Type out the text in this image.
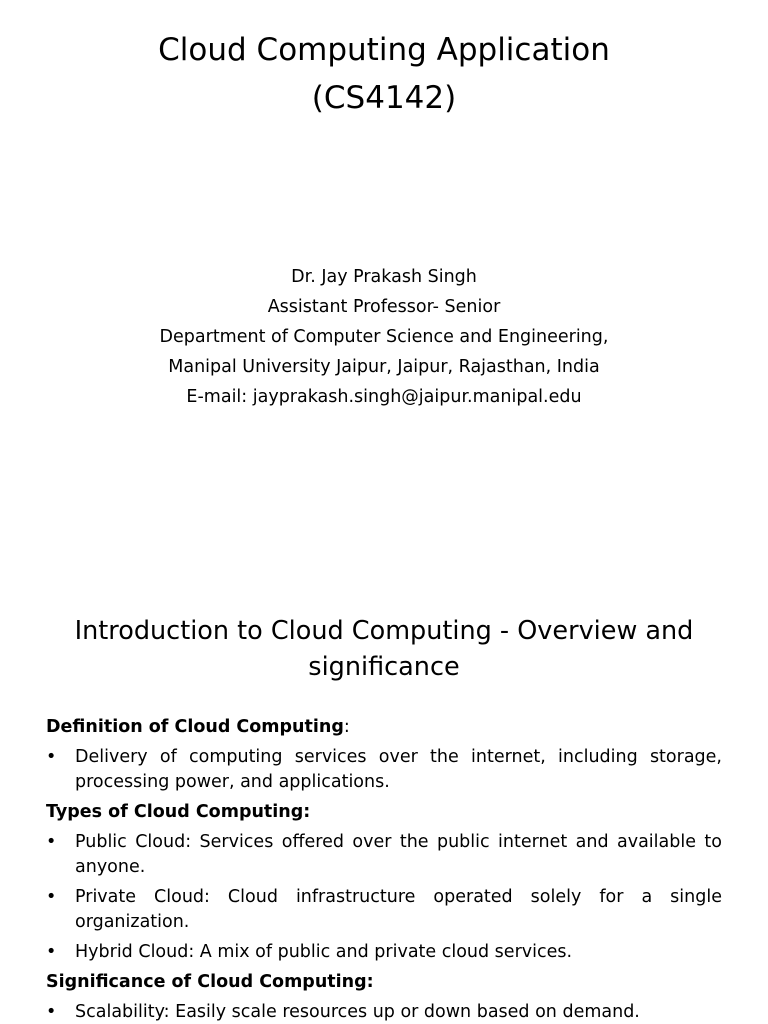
Cloud Computing Application
(CS4142)
Dr. Jay Prakash Singh
Assistant Professor- Senior
Department of Computer Science and Engineering,
Manipal University Jaipur, Jaipur, Rajasthan, India
E-mail: jayprakash.singh@jaipur.manipal.edu
Introduction to Cloud Computing - Overview and
significance
Definition of Cloud Computing:
• Delivery of computing services over the internet, including storage, processing power, and applications.
Types of Cloud Computing:
• Public Cloud: Services offered over the public internet and available to anyone.
• Private Cloud: Cloud infrastructure operated solely for a single organization.
• Hybrid Cloud: A mix of public and private cloud services.
Significance of Cloud Computing:
• Scalability: Easily scale resources up or down based on demand.
